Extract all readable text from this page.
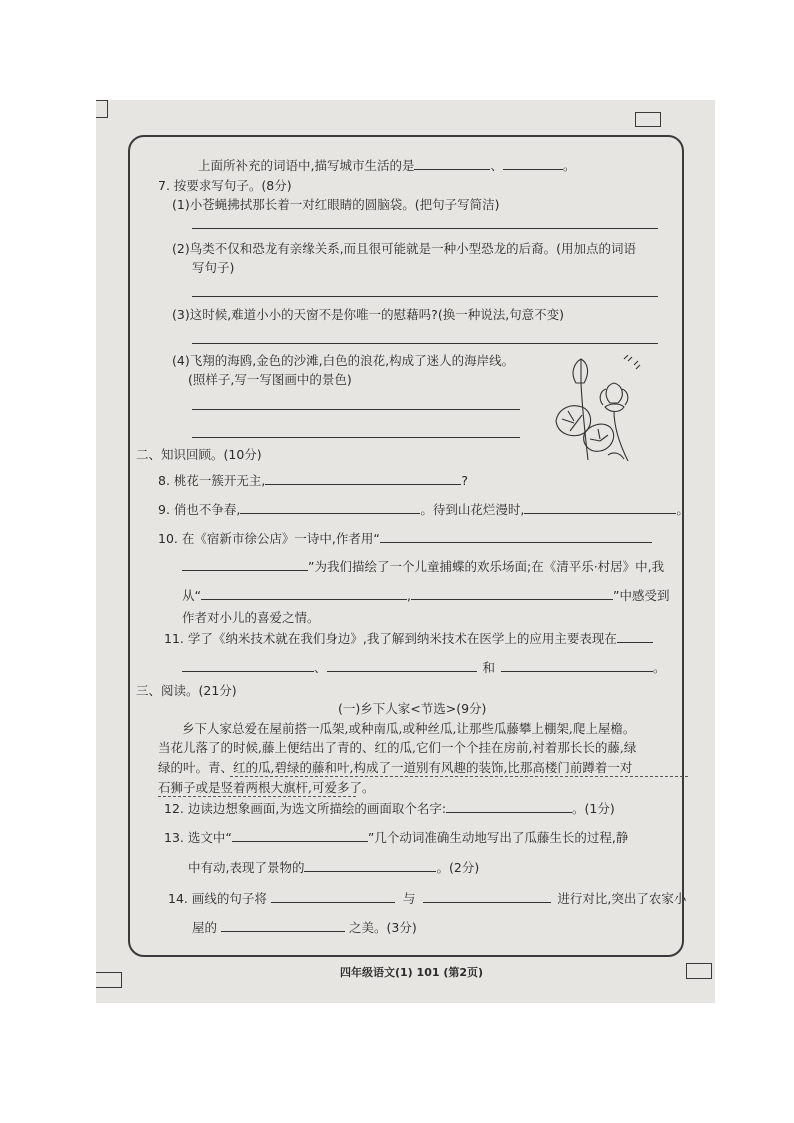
上面所补充的词语中,描写城市生活的是	、	。
7. 按要求写句子。(8分)
(1)小苍蝇拂拭那长着一对红眼睛的圆脑袋。(把句子写简洁)
(2)鸟类不仅和恐龙有亲缘关系,而且很可能就是一种小型恐龙的后裔。(用加点的词语
写句子)
(3)这时候,难道小小的天窗不是你唯一的慰藉吗?(换一种说法,句意不变)
(4)飞翔的海鸥,金色的沙滩,白色的浪花,构成了迷人的海岸线。
(照样子,写一写图画中的景色)
二、知识回顾。(10分)
8. 桃花一簇开无主,	?
9. 俏也不争春,	。待到山花烂漫时,	。
10. 在《宿新市徐公店》一诗中,作者用“
”为我们描绘了一个儿童捕蝶的欢乐场面;在《清平乐·村居》中,我
从“	,	”中感受到
作者对小儿的喜爱之情。
11. 学了《纳米技术就在我们身边》,我了解到纳米技术在医学上的应用主要表现在
、	和	。
三、阅读。(21分)
(一)乡下人家<节选>(9分)
乡下人家总爱在屋前搭一瓜架,或种南瓜,或种丝瓜,让那些瓜藤攀上棚架,爬上屋檐。
当花儿落了的时候,藤上便结出了青的、红的瓜,它们一个个挂在房前,衬着那长长的藤,绿
绿的叶。青、红的瓜,碧绿的藤和叶,构成了一道别有风趣的装饰,比那高楼门前蹲着一对
石狮子或是竖着两根大旗杆,可爱多了。
12. 边读边想象画面,为选文所描绘的画面取个名字:	。(1分)
13. 选文中“	”几个动词准确生动地写出了瓜藤生长的过程,静
中有动,表现了景物的	。(2分)
14. 画线的句子将	与	进行对比,突出了农家小
屋的	之美。(3分)
四年级语文(1) 101 (第2页)
